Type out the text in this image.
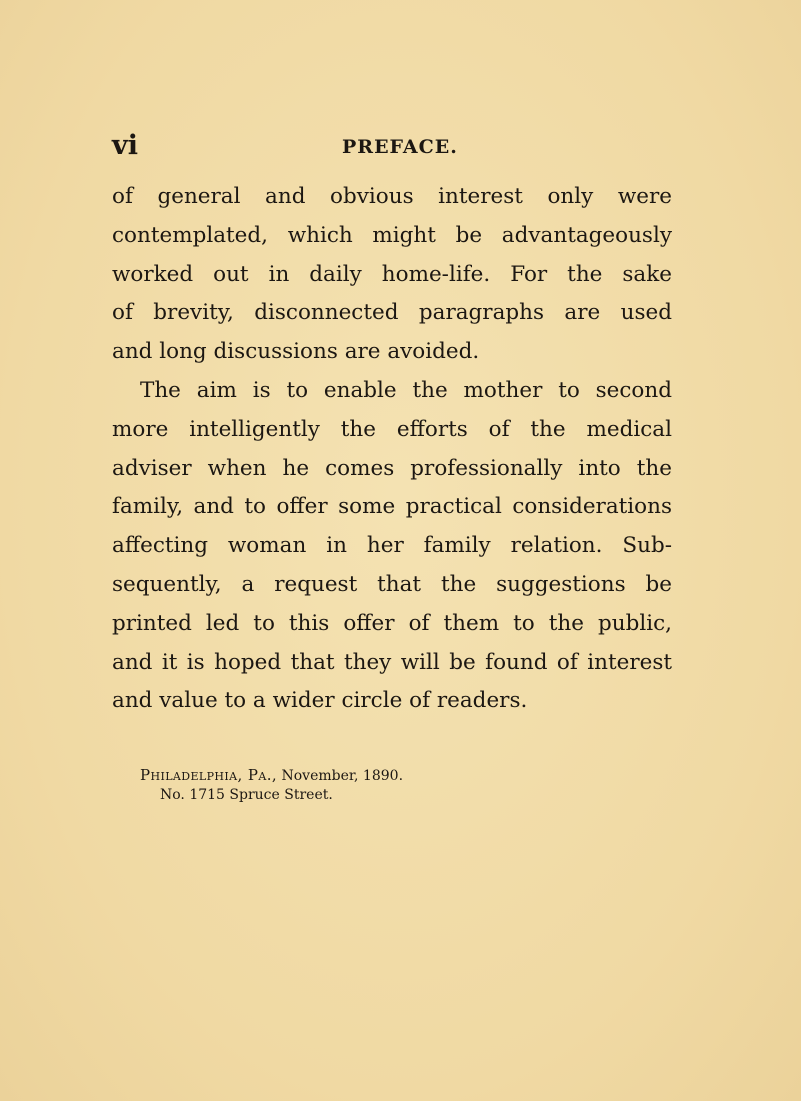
vi	PREFACE.
of general and obvious interest only were
contemplated, which might be advantageously
worked out in daily home-life. For the sake
of brevity, disconnected paragraphs are used
and long discussions are avoided.
The aim is to enable the mother to second
more intelligently the efforts of the medical
adviser when he comes professionally into the
family, and to offer some practical considerations
affecting woman in her family relation. Sub-
sequently, a request that the suggestions be
printed led to this offer of them to the public,
and it is hoped that they will be found of interest
and value to a wider circle of readers.
Philadelphia, Pa., November, 1890.
No. 1715 Spruce Street.
